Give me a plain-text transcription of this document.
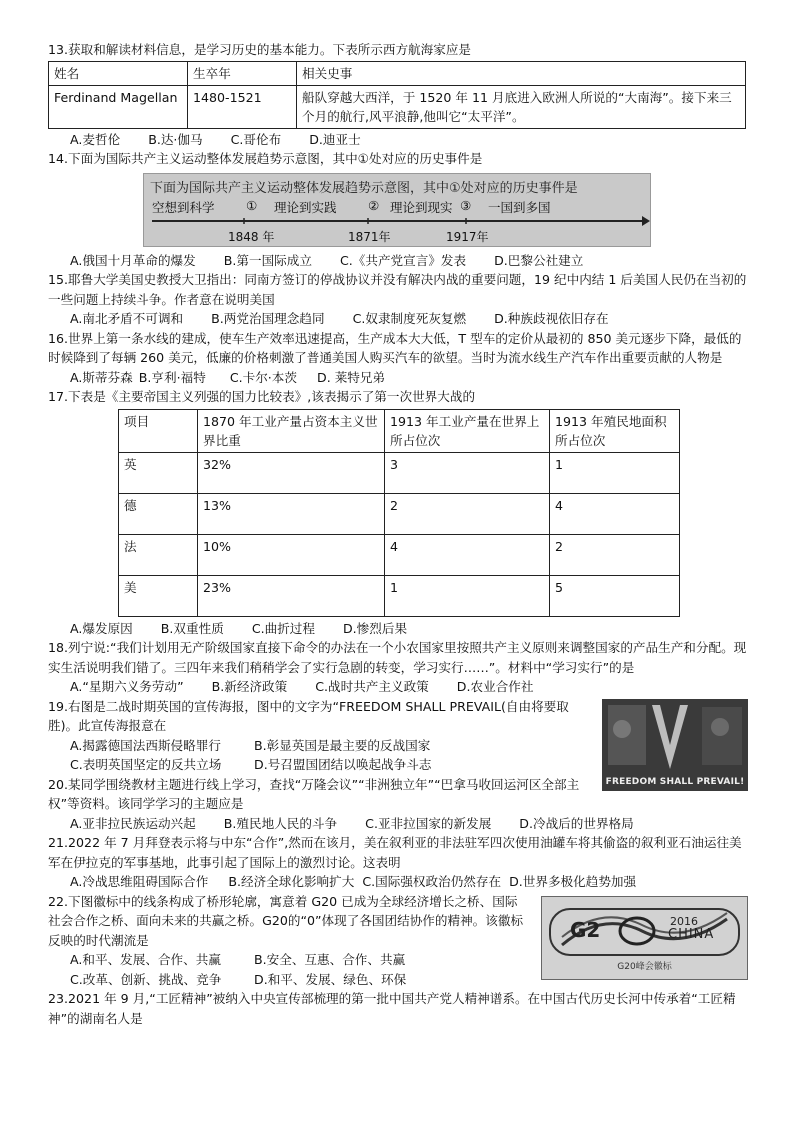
13.获取和解读材料信息，是学习历史的基本能力。下表所示西方航海家应是

姓名	生卒年	相关史事
Ferdinand Magellan	1480-1521	船队穿越大西洋，于 1520 年 11 月底进入欧洲人所说的“大南海”。接下来三个月的航行,风平浪静,他叫它“太平洋”。
A.麦哲伦 B.达·伽马 C.哥伦布 D.迪亚士

14.下面为国际共产主义运动整体发展趋势示意图，其中①处对应的历史事件是

下面为国际共产主义运动整体发展趋势示意图，其中①处对应的历史事件是
空想到科学	① 理论到实践	② 理论到现实 ③ 一国到多国
1848 年	1871年	1917年
A.俄国十月革命的爆发 B.第一国际成立 C.《共产党宣言》发表 D.巴黎公社建立

15.耶鲁大学美国史教授大卫指出：同南方签订的停战协议并没有解决内战的重要问题，19 纪中内结 1 后美国人民仍在当初的一些问题上持续斗争。作者意在说明美国

A.南北矛盾不可调和 B.两党治国理念趋同 C.奴隶制度死灰复燃 D.种族歧视依旧存在

16.世界上第一条水线的建成，使车生产效率迅速提高，生产成本大大低，T 型车的定价从最初的 850 美元逐步下降，最低的时候降到了每辆 260 美元，低廉的价格刺激了普通美国人购买汽车的欲望。当时为流水线生产汽车作出重要贡献的人物是

A.斯蒂芬森 B.亨利·福特 C.卡尔·本茨 D. 莱特兄弟

17.下表是《主要帝国主义列强的国力比较表》,该表揭示了第一次世界大战的

项目	1870 年工业产量占资本主义世界比重	1913 年工业产量在世界上所占位次	1913 年殖民地面积所占位次
英	32%	3	1
德	13%	2	4
法	10%	4	2
美	23%	1	5
A.爆发原因 B.双重性质 C.曲折过程 D.惨烈后果

18.列宁说:“我们计划用无产阶级国家直接下命令的办法在一个小农国家里按照共产主义原则来调整国家的产品生产和分配。现实生活说明我们错了。三四年来我们稍稍学会了实行急剧的转变，学习实行……”。材料中“学习实行”的是

A.“星期六义务劳动” B.新经济政策 C.战时共产主义政策 D.农业合作社
FREEDOM SHALL PREVAIL!

19.右图是二战时期英国的宣传海报，图中的文字为“FREEDOM SHALL PREVAIL(自由将要取胜)。此宣传海报意在

A.揭露德国法西斯侵略罪行	B.彰显英国是最主要的反战国家
C.表明英国坚定的反共立场	D.号召盟国团结以唤起战争斗志

20.某同学围绕教材主题进行线上学习，查找“万隆会议”“非洲独立年”“巴拿马收回运河区全部主权”等资料。该同学学习的主题应是

A.亚非拉民族运动兴起 B.殖民地人民的斗争 C.亚非拉国家的新发展 D.冷战后的世界格局

21.2022 年 7 月拜登表示将与中东“合作”,然而在该月，美在叙利亚的非法驻军四次使用油罐车将其偷盗的叙利亚石油运往美军在伊拉克的军事基地，此事引起了国际上的激烈讨论。这表明

A.冷战思维阻碍国际合作 B.经济全球化影响扩大 C.国际强权政治仍然存在 D.世界多极化趋势加强
G2	2016
CHINA
G20峰会徽标

22.下图徽标中的线条构成了桥形轮廓，寓意着 G20 已成为全球经济增长之桥、国际社会合作之桥、面向未来的共赢之桥。G20的“0”体现了各国团结协作的精神。该徽标反映的时代潮流是

A.和平、发展、合作、共赢	B.安全、互惠、合作、共赢
C.改革、创新、挑战、竞争	D.和平、发展、绿色、环保

23.2021 年 9 月,“工匠精神”被纳入中央宣传部梳理的第一批中国共产党人精神谱系。在中国古代历史长河中传承着“工匠精神”的湖南名人是
